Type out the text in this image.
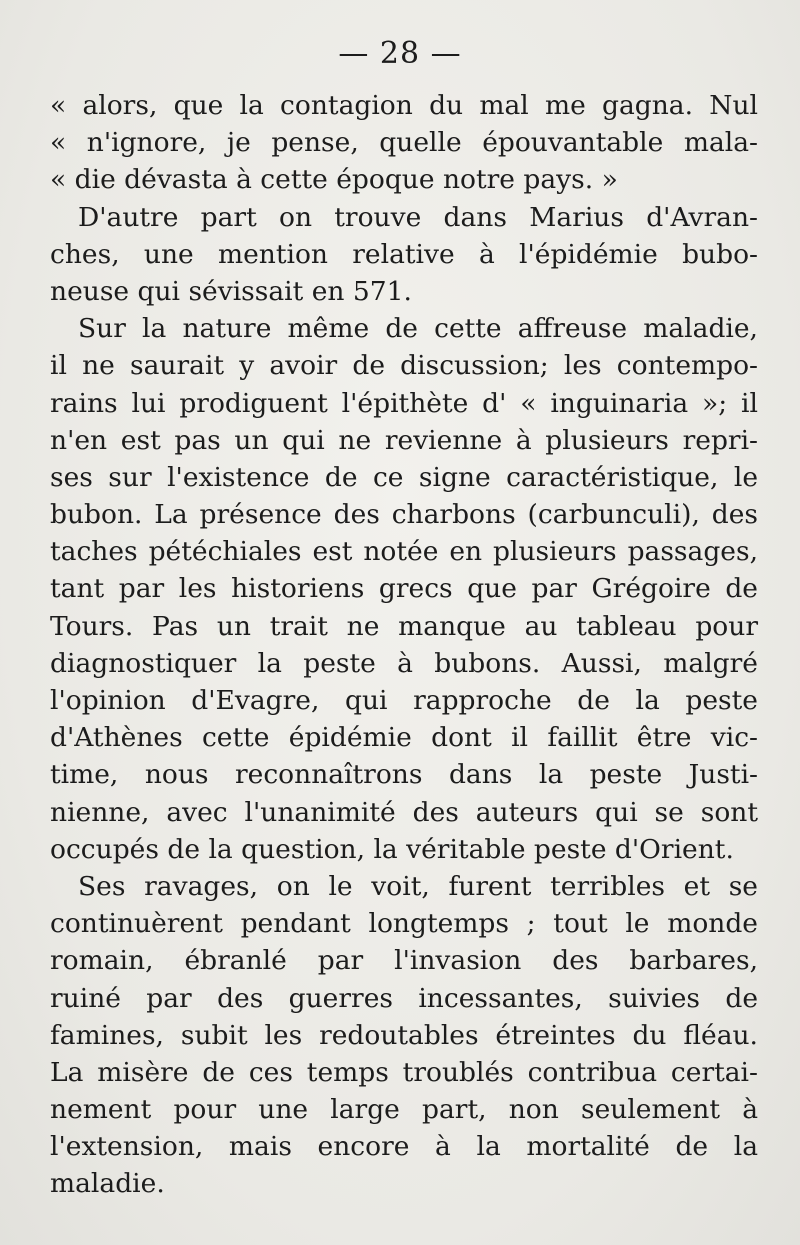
— 28 —
« alors, que la contagion du mal me gagna. Nul
« n'ignore, je pense, quelle épouvantable mala-
« die dévasta à cette époque notre pays. »
D'autre part on trouve dans Marius d'Avran-
ches, une mention relative à l'épidémie bubo-
neuse qui sévissait en 571.
Sur la nature même de cette affreuse maladie,
il ne saurait y avoir de discussion; les contempo-
rains lui prodiguent l'épithète d' « inguinaria »; il
n'en est pas un qui ne revienne à plusieurs repri-
ses sur l'existence de ce signe caractéristique, le
bubon. La présence des charbons (carbunculi), des
taches pétéchiales est notée en plusieurs passages,
tant par les historiens grecs que par Grégoire de
Tours. Pas un trait ne manque au tableau pour
diagnostiquer la peste à bubons. Aussi, malgré
l'opinion d'Evagre, qui rapproche de la peste
d'Athènes cette épidémie dont il faillit être vic-
time, nous reconnaîtrons dans la peste Justi-
nienne, avec l'unanimité des auteurs qui se sont
occupés de la question, la véritable peste d'Orient.
Ses ravages, on le voit, furent terribles et se
continuèrent pendant longtemps ; tout le monde
romain, ébranlé par l'invasion des barbares,
ruiné par des guerres incessantes, suivies de
famines, subit les redoutables étreintes du fléau.
La misère de ces temps troublés contribua certai-
nement pour une large part, non seulement à
l'extension, mais encore à la mortalité de la
maladie.
